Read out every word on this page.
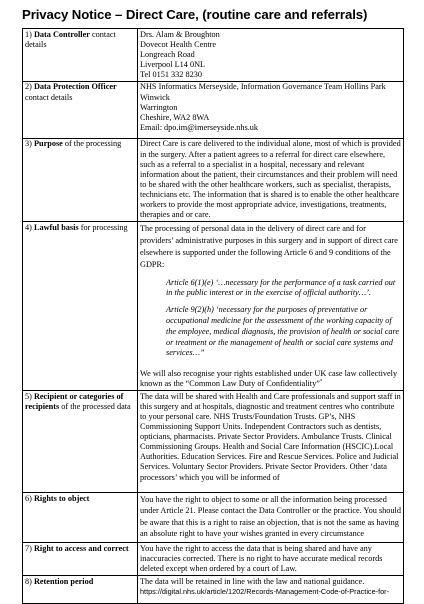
Privacy Notice – Direct Care, (routine care and referrals)
1) Data Controller contact details	Drs. Alam & Broughton
Dovecot Health Centre
Longreach Road
Liverpool L14 0NL
Tel 0151 332 8230

2) Data Protection Officer contact details	NHS Informatics Merseyside, Information Governance Team Hollins Park
Winwick
Warrington
Cheshire, WA2 8WA
Email: dpo.im@imerseyside.nhs.uk

3) Purpose of the processing	Direct Care is care delivered to the individual alone, most of which is provided in the surgery. After a patient agrees to a referral for direct care elsewhere, such as a referral to a specialist in a hospital, necessary and relevant information about the patient, their circumstances and their problem will need to be shared with the other healthcare workers, such as specialist, therapists, technicians etc. The information that is shared is to enable the other healthcare workers to provide the most appropriate advice, investigations, treatments, therapies and or care.

4) Lawful basis for processing	The processing of personal data in the delivery of direct care and for providers’ administrative purposes in this surgery and in support of direct care elsewhere is supported under the following Article 6 and 9 conditions of the GDPR:
Article 6(1)(e) ‘…necessary for the performance of a task carried out in the public interest or in the exercise of official authority…’.
Article 9(2)(h) ‘necessary for the purposes of preventative or occupational medicine for the assessment of the working capacity of the employee, medical diagnosis, the provision of health or social care or treatment or the management of health or social care systems and services…”
We will also recognise your rights established under UK case law collectively known as the “Common Law Duty of Confidentiality”*

5) Recipient or categories of recipients of the processed data	The data will be shared with Health and Care professionals and support staff in this surgery and at hospitals, diagnostic and treatment centres who contribute to your personal care. NHS Trusts/Foundation Trusts. GP’s, NHS Commissioning Support Units. Independent Contractors such as dentists, opticians, pharmacists. Private Sector Providers. Ambulance Trusts. Clinical Commissioning Groups. Health and Social Care Information (HSCIC).Local Authorities. Education Services. Fire and Rescue Services. Police and Judicial Services. Voluntary Sector Providers. Private Sector Providers. Other ‘data processors’ which you will be informed of

6) Rights to object	You have the right to object to some or all the information being processed under Article 21. Please contact the Data Controller or the practice. You should be aware that this is a right to raise an objection, that is not the same as having an absolute right to have your wishes granted in every circumstance

7) Right to access and correct	You have the right to access the data that is being shared and have any inaccuracies corrected. There is no right to have accurate medical records deleted except when ordered by a court of Law.

8) Retention period	The data will be retained in line with the law and national guidance.
https://digital.nhs.uk/article/1202/Records-Management-Code-of-Practice-for-
